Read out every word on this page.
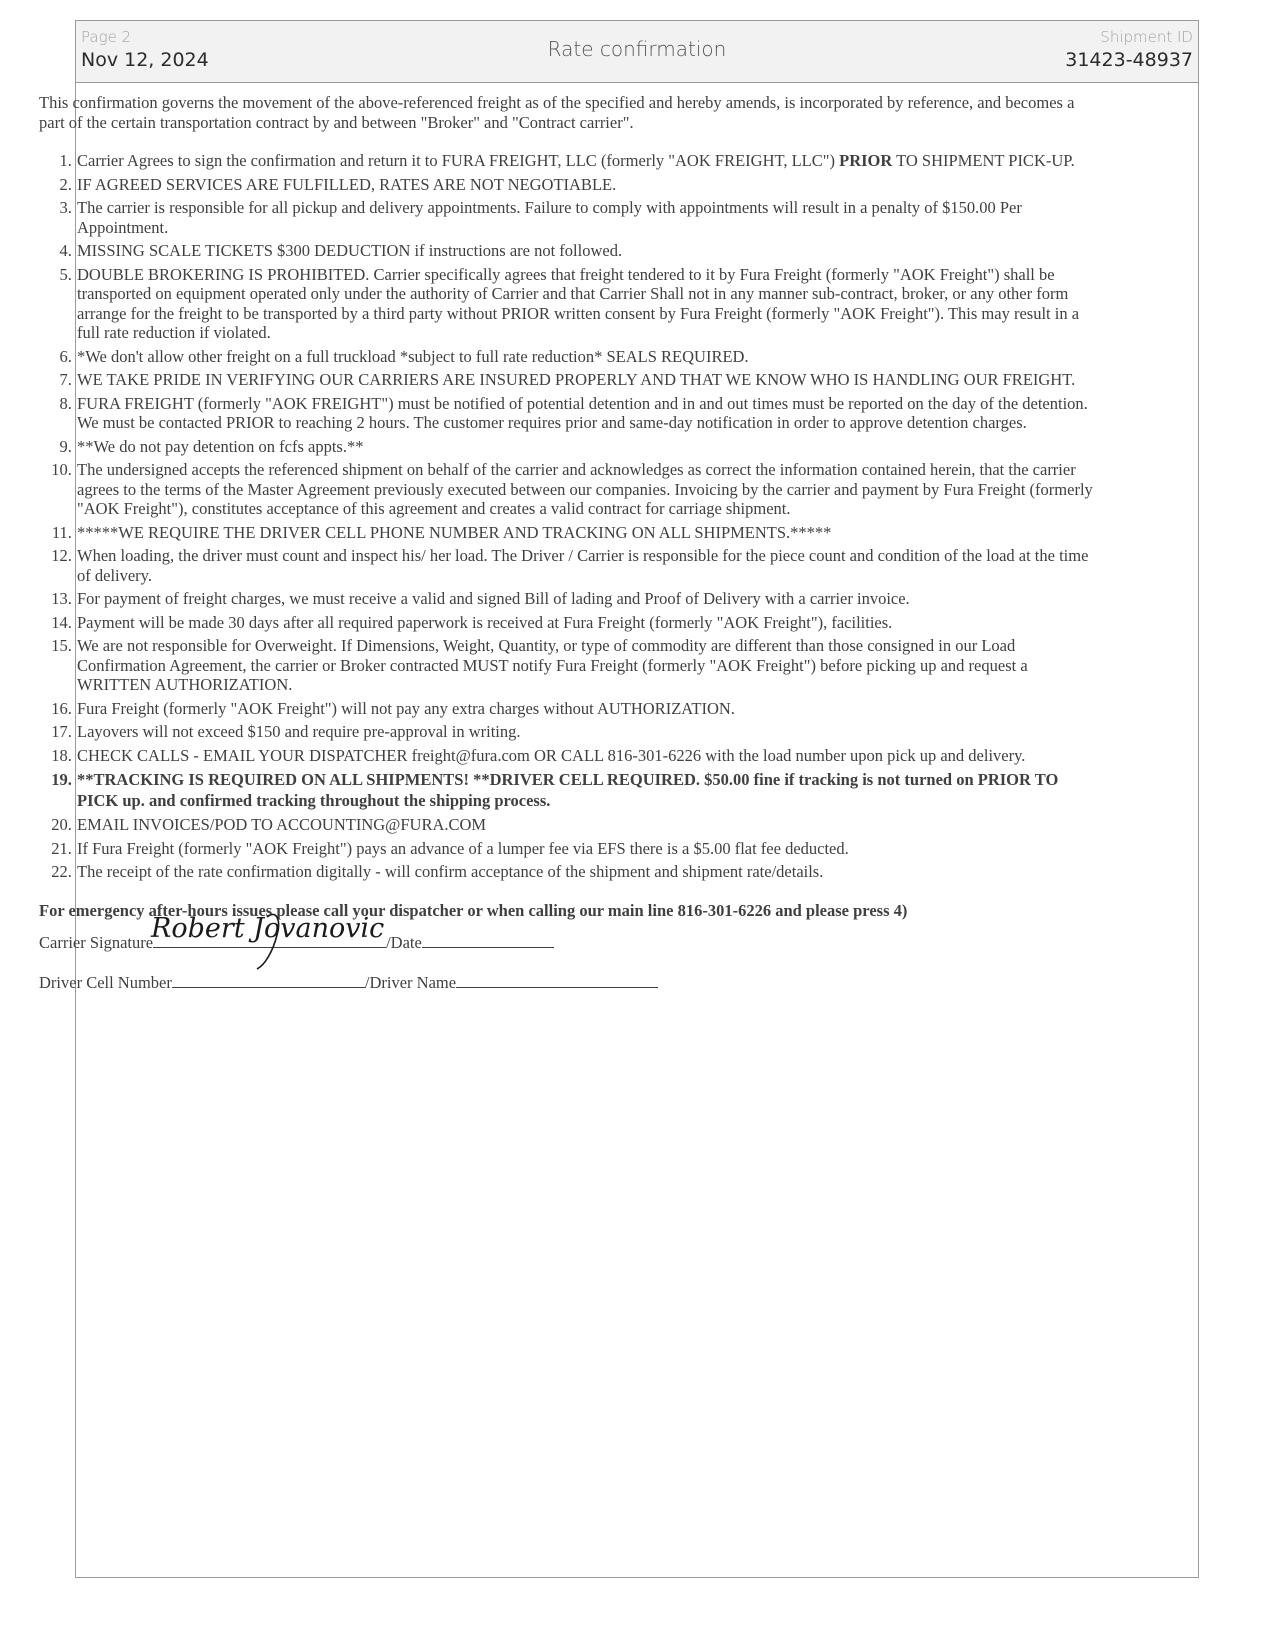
Page 2
Nov 12, 2024	Rate confirmation	Shipment ID
31423-48937

This confirmation governs the movement of the above-referenced freight as of the specified and hereby amends, is incorporated by reference, and becomes a part of the certain transportation contract by and between "Broker" and "Contract carrier".

1. Carrier Agrees to sign the confirmation and return it to FURA FREIGHT, LLC (formerly "AOK FREIGHT, LLC") PRIOR TO SHIPMENT PICK-UP.
2. IF AGREED SERVICES ARE FULFILLED, RATES ARE NOT NEGOTIABLE.
3. The carrier is responsible for all pickup and delivery appointments. Failure to comply with appointments will result in a penalty of $150.00 Per Appointment.
4. MISSING SCALE TICKETS $300 DEDUCTION if instructions are not followed.
5. DOUBLE BROKERING IS PROHIBITED. Carrier specifically agrees that freight tendered to it by Fura Freight (formerly "AOK Freight") shall be transported on equipment operated only under the authority of Carrier and that Carrier Shall not in any manner sub-contract, broker, or any other form arrange for the freight to be transported by a third party without PRIOR written consent by Fura Freight (formerly "AOK Freight"). This may result in a full rate reduction if violated.
6. *We don't allow other freight on a full truckload *subject to full rate reduction* SEALS REQUIRED.
7. WE TAKE PRIDE IN VERIFYING OUR CARRIERS ARE INSURED PROPERLY AND THAT WE KNOW WHO IS HANDLING OUR FREIGHT.
8. FURA FREIGHT (formerly "AOK FREIGHT") must be notified of potential detention and in and out times must be reported on the day of the detention. We must be contacted PRIOR to reaching 2 hours. The customer requires prior and same-day notification in order to approve detention charges.
9. **We do not pay detention on fcfs appts.**
10. The undersigned accepts the referenced shipment on behalf of the carrier and acknowledges as correct the information contained herein, that the carrier agrees to the terms of the Master Agreement previously executed between our companies. Invoicing by the carrier and payment by Fura Freight (formerly "AOK Freight"), constitutes acceptance of this agreement and creates a valid contract for carriage shipment.
11. *****WE REQUIRE THE DRIVER CELL PHONE NUMBER AND TRACKING ON ALL SHIPMENTS.*****
12. When loading, the driver must count and inspect his/ her load. The Driver / Carrier is responsible for the piece count and condition of the load at the time of delivery.
13. For payment of freight charges, we must receive a valid and signed Bill of lading and Proof of Delivery with a carrier invoice.
14. Payment will be made 30 days after all required paperwork is received at Fura Freight (formerly "AOK Freight"), facilities.
15. We are not responsible for Overweight. If Dimensions, Weight, Quantity, or type of commodity are different than those consigned in our Load Confirmation Agreement, the carrier or Broker contracted MUST notify Fura Freight (formerly "AOK Freight") before picking up and request a WRITTEN AUTHORIZATION.
16. Fura Freight (formerly "AOK Freight") will not pay any extra charges without AUTHORIZATION.
17. Layovers will not exceed $150 and require pre-approval in writing.
18. CHECK CALLS - EMAIL YOUR DISPATCHER freight@fura.com OR CALL 816-301-6226 with the load number upon pick up and delivery.
19. **TRACKING IS REQUIRED ON ALL SHIPMENTS! **DRIVER CELL REQUIRED. $50.00 fine if tracking is not turned on PRIOR TO PICK up. and confirmed tracking throughout the shipping process.
20. EMAIL INVOICES/POD TO ACCOUNTING@FURA.COM
21. If Fura Freight (formerly "AOK Freight") pays an advance of a lumper fee via EFS there is a $5.00 flat fee deducted.
22. The receipt of the rate confirmation digitally - will confirm acceptance of the shipment and shipment rate/details.
For emergency after-hours issues please call your dispatcher or when calling our main line 816-301-6226 and please press 4)
Carrier Signature	/Date
Robert Jovanovic
Driver Cell Number	/Driver Name
